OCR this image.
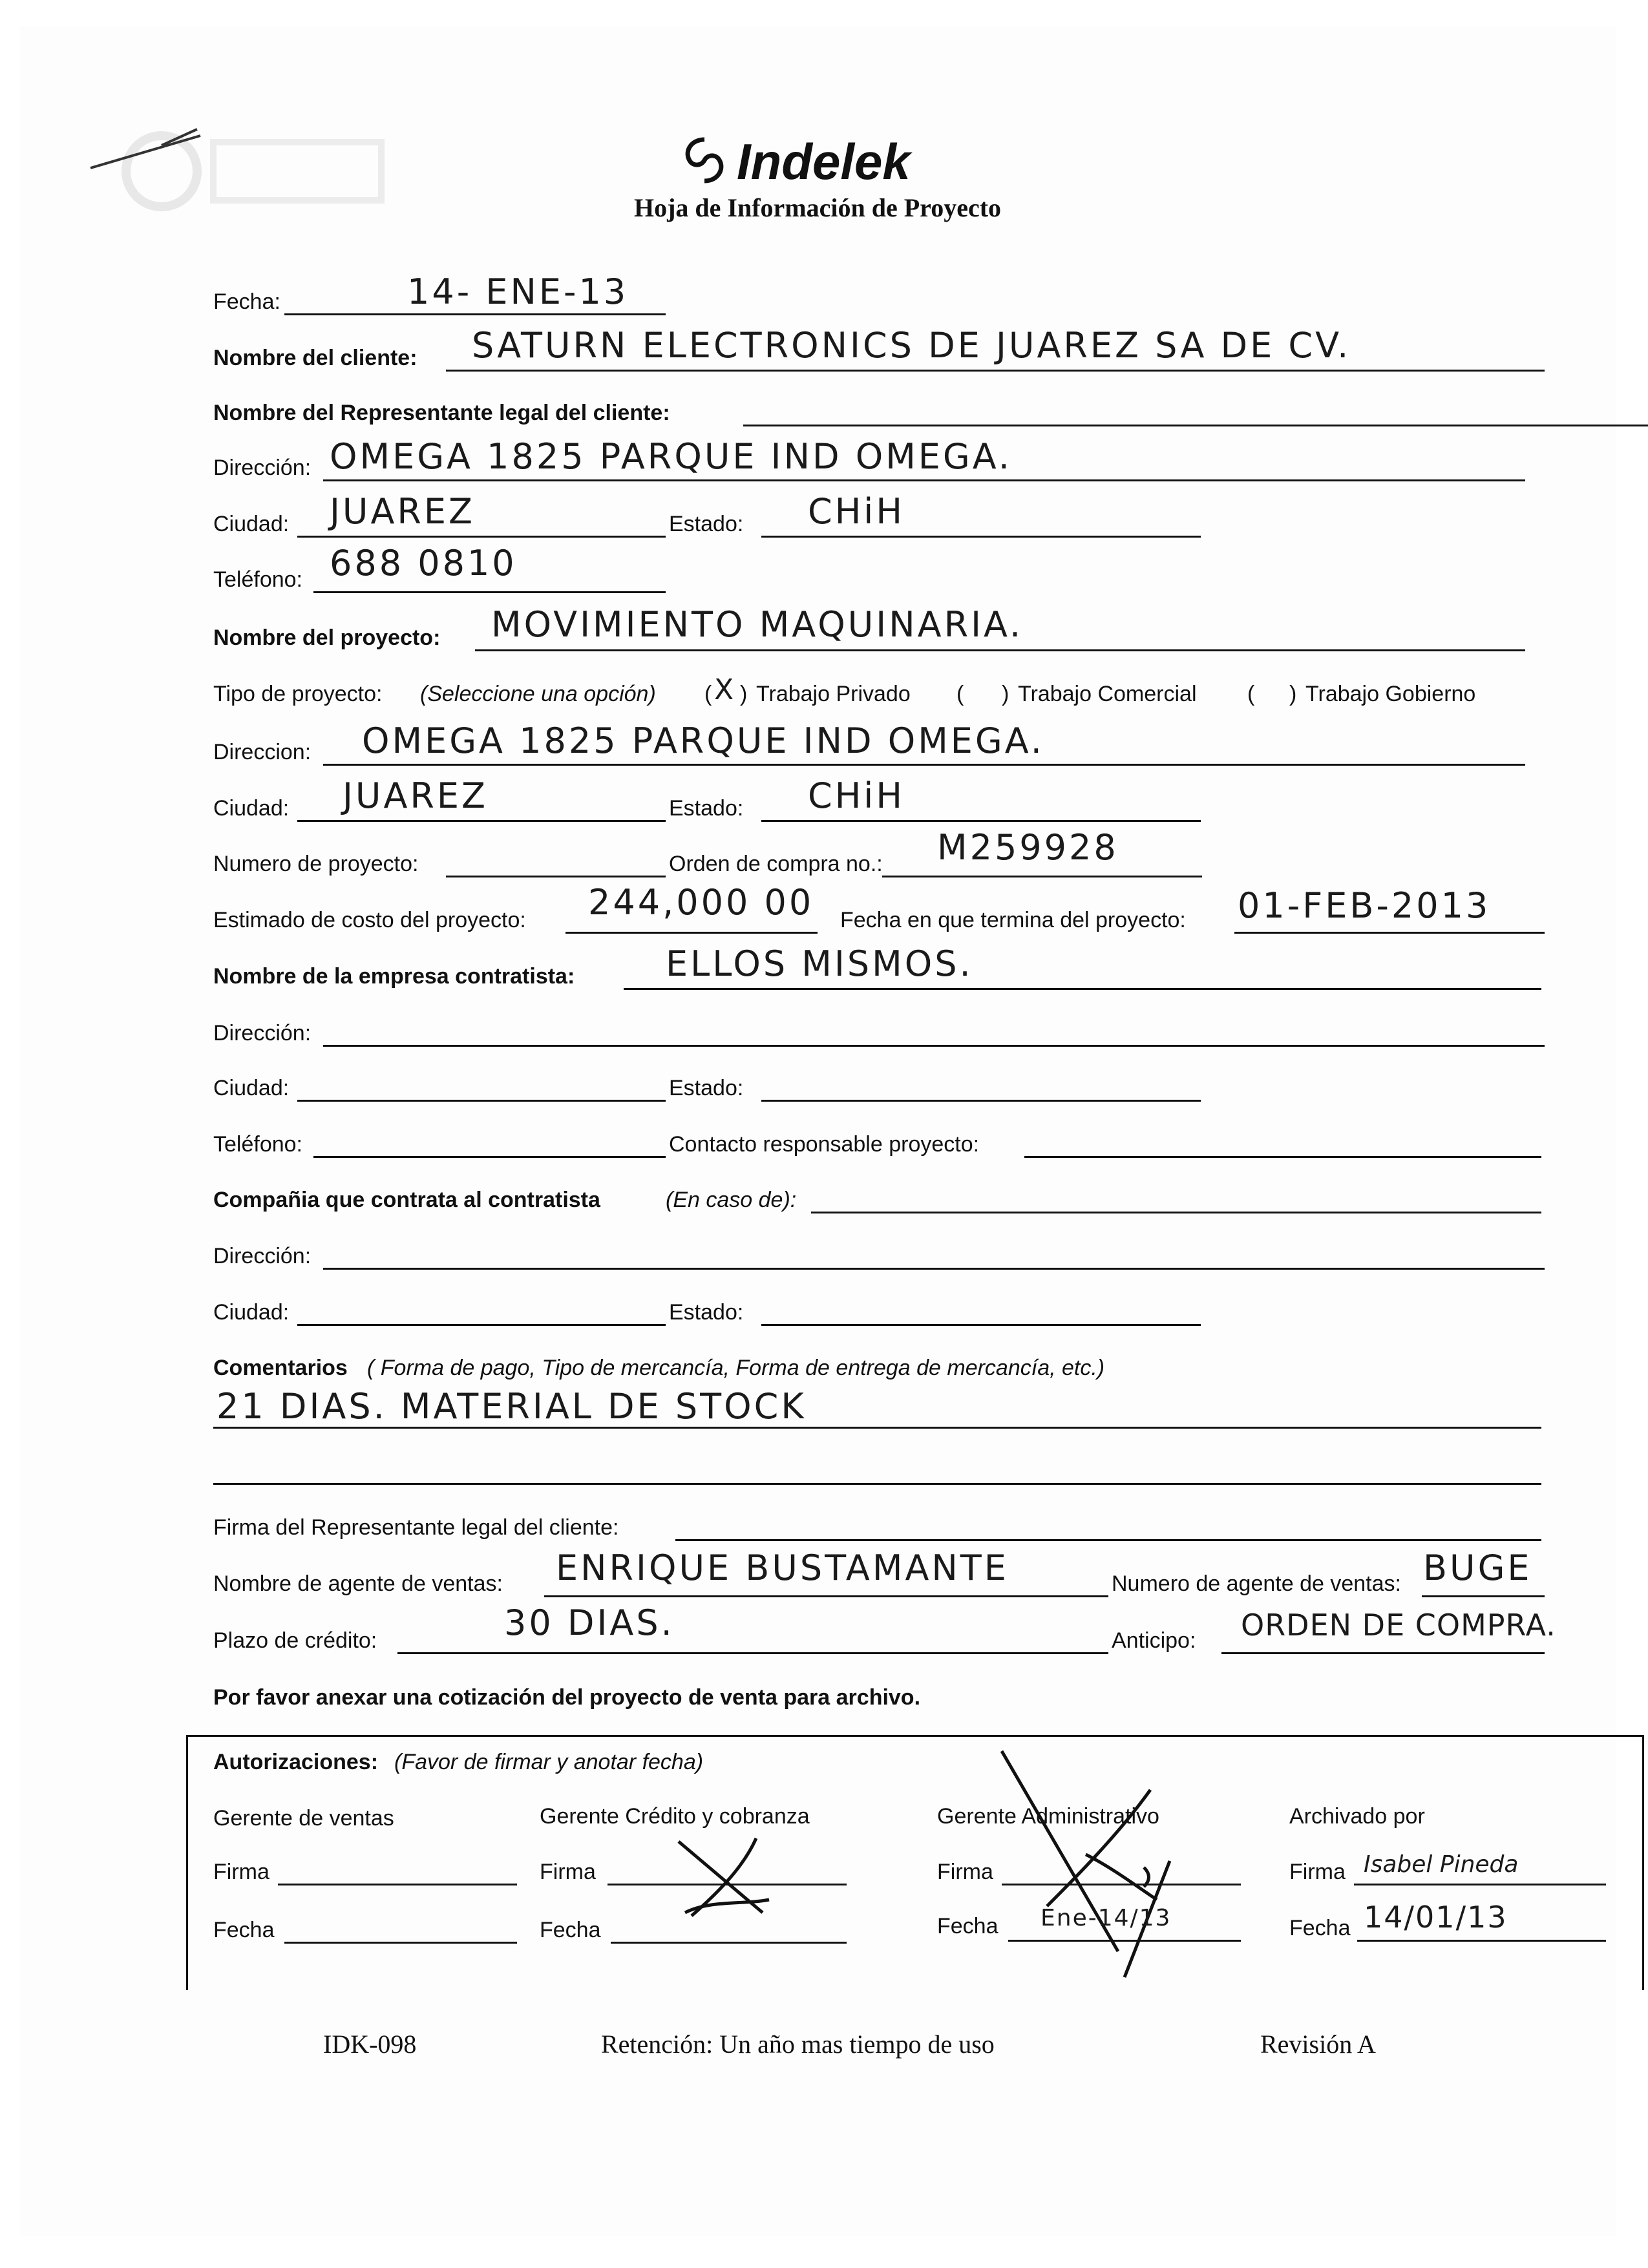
Indelek
Hoja de Información de Proyecto
Fecha:	14- ENE-13
Nombre del cliente: SATURN ELECTRONICS DE JUAREZ SA DE CV.
Nombre del Representante legal del cliente:
Dirección: OMEGA 1825 PARQUE IND OMEGA.
Ciudad: JUAREZ	Estado: CHiH
Teléfono: 688 0810
Nombre del proyecto: MOVIMIENTO MAQUINARIA.
Tipo de proyecto: (Seleccione una opción) ( X ) Trabajo Privado ( ) Trabajo Comercial ( ) Trabajo Gobierno
Direccion: OMEGA 1825 PARQUE IND OMEGA.
Ciudad: JUAREZ	Estado: CHiH
Numero de proyecto:	Orden de compra no.: M259928
Estimado de costo del proyecto: 244,000 00 Fecha en que termina del proyecto: 01-FEB-2013
Nombre de la empresa contratista:	ELLOS MISMOS.
Dirección:
Ciudad:	Estado:
Teléfono:	Contacto responsable proyecto:
Compañia que contrata al contratista	(En caso de):
Dirección:
Ciudad:	Estado:
Comentarios ( Forma de pago, Tipo de mercancía, Forma de entrega de mercancía, etc.)
21 DIAS. MATERIAL DE STOCK
Firma del Representante legal del cliente:
Nombre de agente de ventas: ENRIQUE BUSTAMANTE	Numero de agente de ventas: BUGE
Plazo de crédito:	30 DIAS.	Anticipo: ORDEN DE COMPRA.
Por favor anexar una cotización del proyecto de venta para archivo.
Autorizaciones: (Favor de firmar y anotar fecha)
Gerente de ventas	Gerente Crédito y cobranza	Gerente Administrativo	Archivado por
Firma	Firma	Firma	Firma Isabel Pineda
Fecha	Fecha	Fecha Ene-14/13	Fecha 14/01/13
IDK-098	Retención: Un año mas tiempo de uso	Revisión A
